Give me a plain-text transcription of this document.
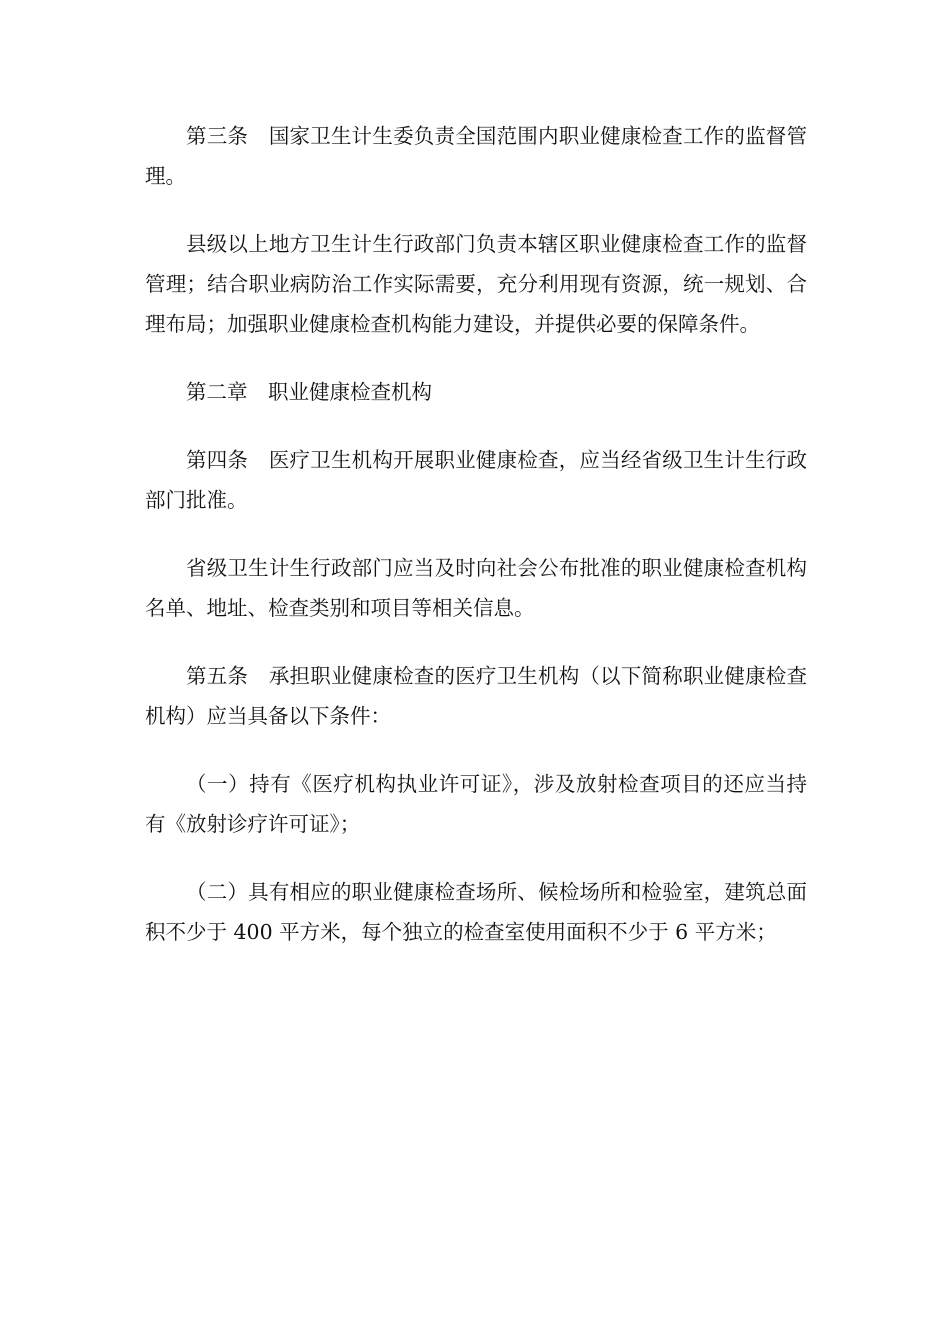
第三条　国家卫生计生委负责全国范围内职业健康检查工作的监督管理。

县级以上地方卫生计生行政部门负责本辖区职业健康检查工作的监督管理；结合职业病防治工作实际需要，充分利用现有资源，统一规划、合理布局；加强职业健康检查机构能力建设，并提供必要的保障条件。

第二章　职业健康检查机构

第四条　医疗卫生机构开展职业健康检查，应当经省级卫生计生行政部门批准。

省级卫生计生行政部门应当及时向社会公布批准的职业健康检查机构名单、地址、检查类别和项目等相关信息。

第五条　承担职业健康检查的医疗卫生机构（以下简称职业健康检查机构）应当具备以下条件：

（一）持有《医疗机构执业许可证》，涉及放射检查项目的还应当持有《放射诊疗许可证》；

（二）具有相应的职业健康检查场所、候检场所和检验室，建筑总面积不少于 400 平方米，每个独立的检查室使用面积不少于 6 平方米；
